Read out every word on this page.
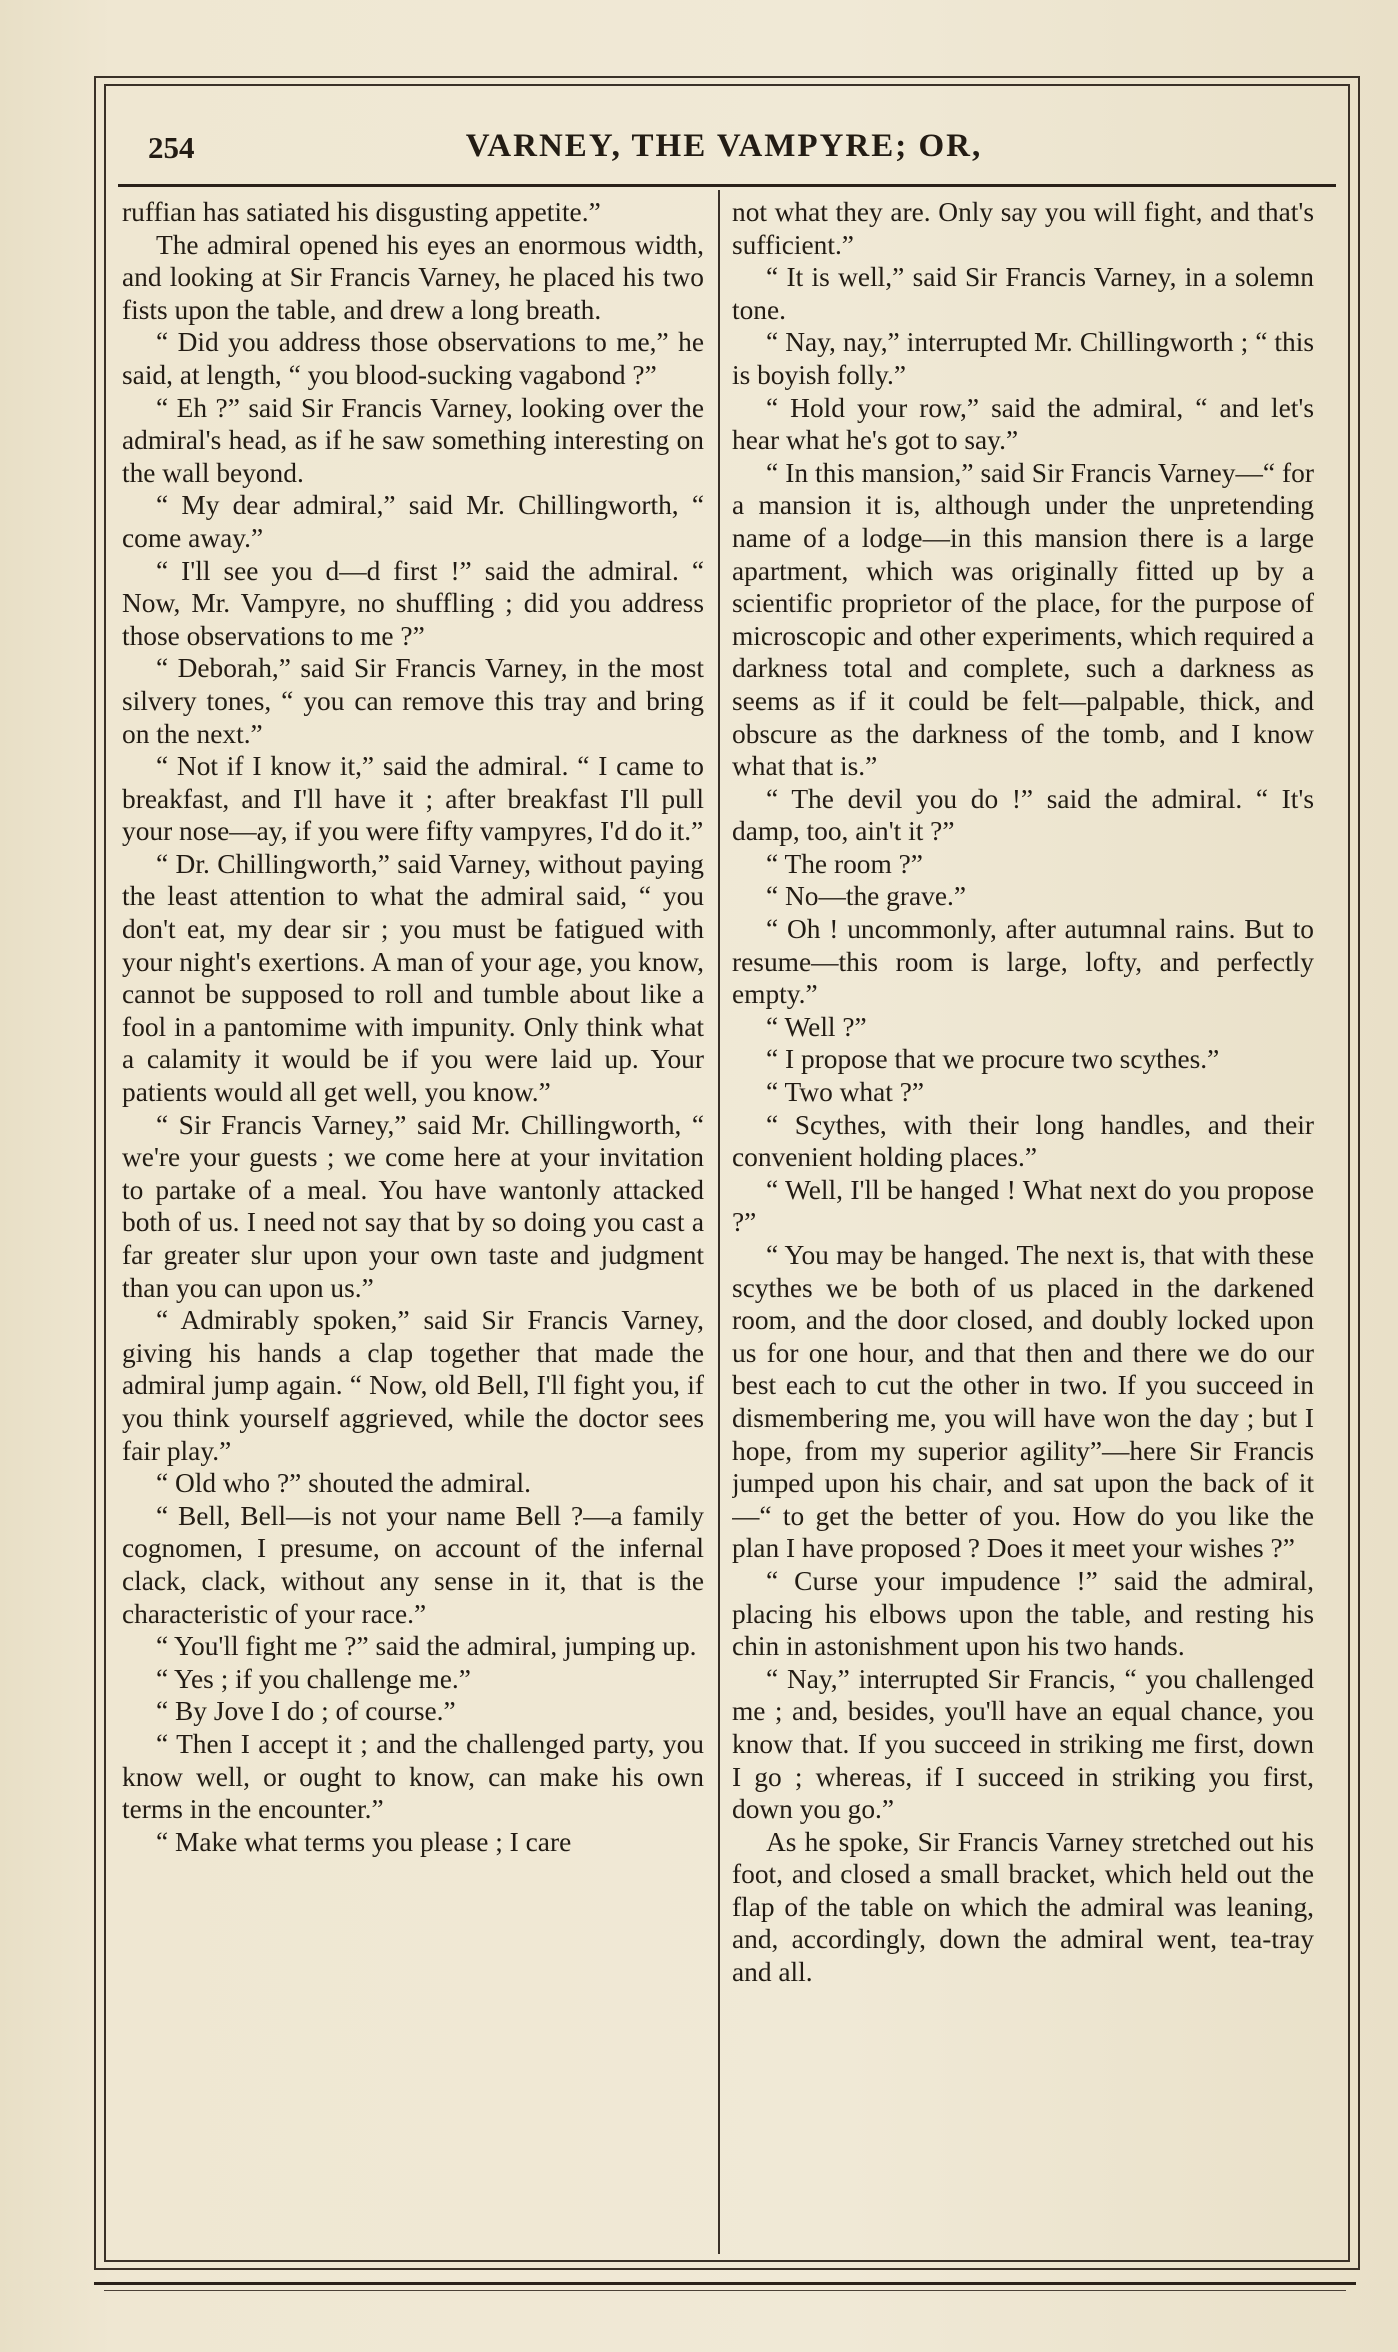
254	VARNEY, THE VAMPYRE; OR,

ruffian has satiated his disgusting appetite.”

The admiral opened his eyes an enormous width, and looking at Sir Francis Varney, he placed his two fists upon the table, and drew a long breath.

“ Did you address those observations to me,” he said, at length, “ you blood-sucking vagabond ?”

“ Eh ?” said Sir Francis Varney, looking over the admiral's head, as if he saw something interesting on the wall beyond.

“ My dear admiral,” said Mr. Chillingworth, “ come away.”

“ I'll see you d—d first !” said the admiral. “ Now, Mr. Vampyre, no shuffling ; did you address those observations to me ?”

“ Deborah,” said Sir Francis Varney, in the most silvery tones, “ you can remove this tray and bring on the next.”

“ Not if I know it,” said the admiral. “ I came to breakfast, and I'll have it ; after breakfast I'll pull your nose—ay, if you were fifty vampyres, I'd do it.”

“ Dr. Chillingworth,” said Varney, without paying the least attention to what the admiral said, “ you don't eat, my dear sir ; you must be fatigued with your night's exertions. A man of your age, you know, cannot be supposed to roll and tumble about like a fool in a pantomime with impunity. Only think what a calamity it would be if you were laid up. Your patients would all get well, you know.”

“ Sir Francis Varney,” said Mr. Chillingworth, “ we're your guests ; we come here at your invitation to partake of a meal. You have wantonly attacked both of us. I need not say that by so doing you cast a far greater slur upon your own taste and judgment than you can upon us.”

“ Admirably spoken,” said Sir Francis Varney, giving his hands a clap together that made the admiral jump again. “ Now, old Bell, I'll fight you, if you think yourself aggrieved, while the doctor sees fair play.”

“ Old who ?” shouted the admiral.

“ Bell, Bell—is not your name Bell ?—a family cognomen, I presume, on account of the infernal clack, clack, without any sense in it, that is the characteristic of your race.”

“ You'll fight me ?” said the admiral, jumping up.

“ Yes ; if you challenge me.”

“ By Jove I do ; of course.”

“ Then I accept it ; and the challenged party, you know well, or ought to know, can make his own terms in the encounter.”

“ Make what terms you please ; I care

not what they are. Only say you will fight, and that's sufficient.”

“ It is well,” said Sir Francis Varney, in a solemn tone.

“ Nay, nay,” interrupted Mr. Chillingworth ; “ this is boyish folly.”

“ Hold your row,” said the admiral, “ and let's hear what he's got to say.”

“ In this mansion,” said Sir Francis Varney—“ for a mansion it is, although under the unpretending name of a lodge—in this mansion there is a large apartment, which was originally fitted up by a scientific proprietor of the place, for the purpose of microscopic and other experiments, which required a darkness total and complete, such a darkness as seems as if it could be felt—palpable, thick, and obscure as the darkness of the tomb, and I know what that is.”

“ The devil you do !” said the admiral. “ It's damp, too, ain't it ?”

“ The room ?”

“ No—the grave.”

“ Oh ! uncommonly, after autumnal rains. But to resume—this room is large, lofty, and perfectly empty.”

“ Well ?”

“ I propose that we procure two scythes.”

“ Two what ?”

“ Scythes, with their long handles, and their convenient holding places.”

“ Well, I'll be hanged ! What next do you propose ?”

“ You may be hanged. The next is, that with these scythes we be both of us placed in the darkened room, and the door closed, and doubly locked upon us for one hour, and that then and there we do our best each to cut the other in two. If you succeed in dismembering me, you will have won the day ; but I hope, from my superior agility”—here Sir Francis jumped upon his chair, and sat upon the back of it—“ to get the better of you. How do you like the plan I have proposed ? Does it meet your wishes ?”

“ Curse your impudence !” said the admiral, placing his elbows upon the table, and resting his chin in astonishment upon his two hands.

“ Nay,” interrupted Sir Francis, “ you challenged me ; and, besides, you'll have an equal chance, you know that. If you succeed in striking me first, down I go ; whereas, if I succeed in striking you first, down you go.”

As he spoke, Sir Francis Varney stretched out his foot, and closed a small bracket, which held out the flap of the table on which the admiral was leaning, and, accordingly, down the admiral went, tea-tray and all.
